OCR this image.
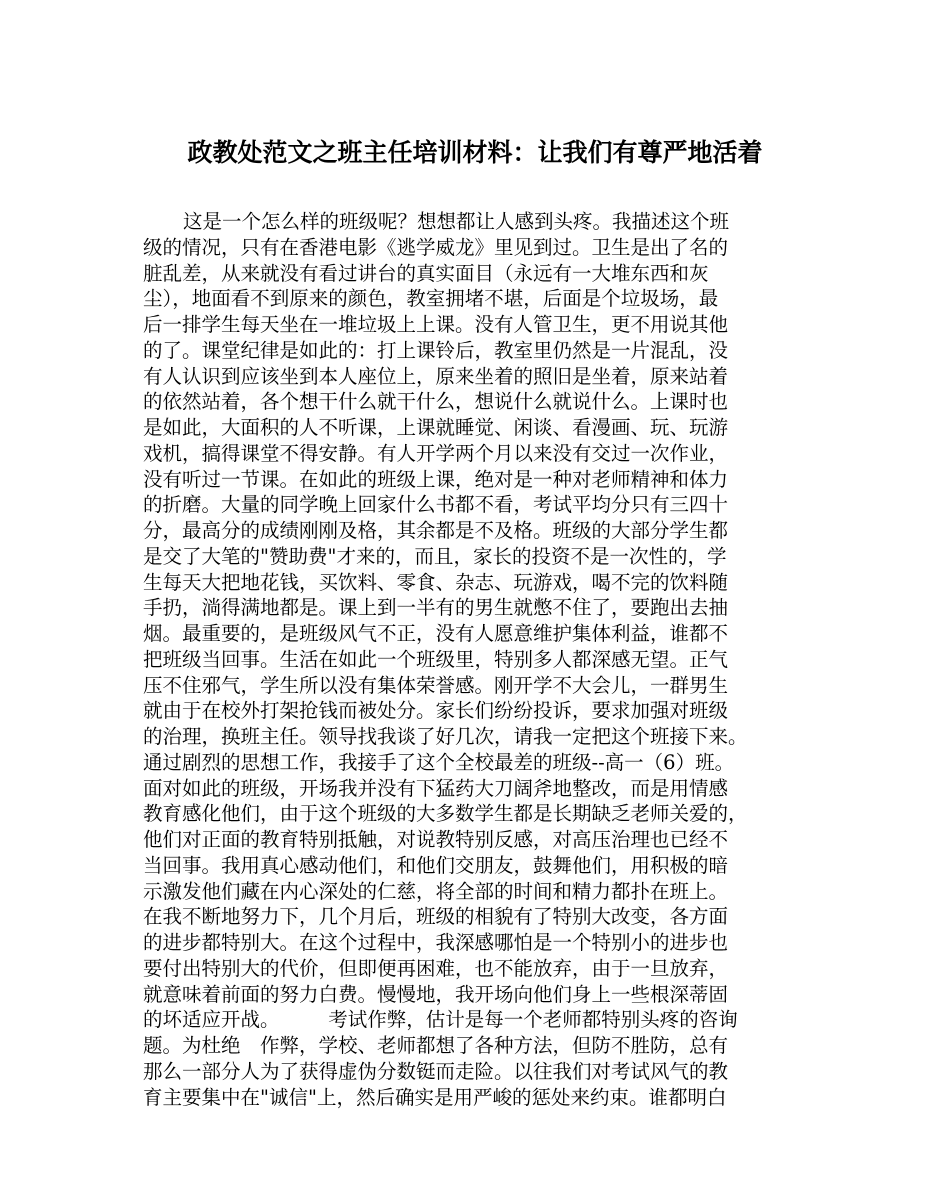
政教处范文之班主任培训材料：让我们有尊严地活着
这是一个怎么样的班级呢？想想都让人感到头疼。我描述这个班
级的情况，只有在香港电影《逃学威龙》里见到过。卫生是出了名的
脏乱差，从来就没有看过讲台的真实面目（永远有一大堆东西和灰
尘），地面看不到原来的颜色，教室拥堵不堪，后面是个垃圾场，最
后一排学生每天坐在一堆垃圾上上课。没有人管卫生，更不用说其他
的了。课堂纪律是如此的：打上课铃后，教室里仍然是一片混乱，没
有人认识到应该坐到本人座位上，原来坐着的照旧是坐着，原来站着
的依然站着，各个想干什么就干什么，想说什么就说什么。上课时也
是如此，大面积的人不听课，上课就睡觉、闲谈、看漫画、玩、玩游
戏机，搞得课堂不得安静。有人开学两个月以来没有交过一次作业，
没有听过一节课。在如此的班级上课，绝对是一种对老师精神和体力
的折磨。大量的同学晚上回家什么书都不看，考试平均分只有三四十
分，最高分的成绩刚刚及格，其余都是不及格。班级的大部分学生都
是交了大笔的"赞助费"才来的，而且，家长的投资不是一次性的，学
生每天大把地花钱，买饮料、零食、杂志、玩游戏，喝不完的饮料随
手扔，淌得满地都是。课上到一半有的男生就憋不住了，要跑出去抽
烟。最重要的，是班级风气不正，没有人愿意维护集体利益，谁都不
把班级当回事。生活在如此一个班级里，特别多人都深感无望。正气
压不住邪气，学生所以没有集体荣誉感。刚开学不大会儿，一群男生
就由于在校外打架抢钱而被处分。家长们纷纷投诉，要求加强对班级
的治理，换班主任。领导找我谈了好几次，请我一定把这个班接下来。
通过剧烈的思想工作，我接手了这个全校最差的班级--高一（6）班。
面对如此的班级，开场我并没有下猛药大刀阔斧地整改，而是用情感
教育感化他们，由于这个班级的大多数学生都是长期缺乏老师关爱的，
他们对正面的教育特别抵触，对说教特别反感，对高压治理也已经不
当回事。我用真心感动他们，和他们交朋友，鼓舞他们，用积极的暗
示激发他们藏在内心深处的仁慈，将全部的时间和精力都扑在班上。
在我不断地努力下，几个月后，班级的相貌有了特别大改变，各方面
的进步都特别大。在这个过程中，我深感哪怕是一个特别小的进步也
要付出特别大的代价，但即便再困难，也不能放弃，由于一旦放弃，
就意味着前面的努力白费。慢慢地，我开场向他们身上一些根深蒂固
的坏适应开战。　　　考试作弊，估计是每一个老师都特别头疼的咨询
题。为杜绝　作弊，学校、老师都想了各种方法，但防不胜防，总有
那么一部分人为了获得虚伪分数铤而走险。以往我们对考试风气的教
育主要集中在"诚信"上，然后确实是用严峻的惩处来约束。谁都明白
